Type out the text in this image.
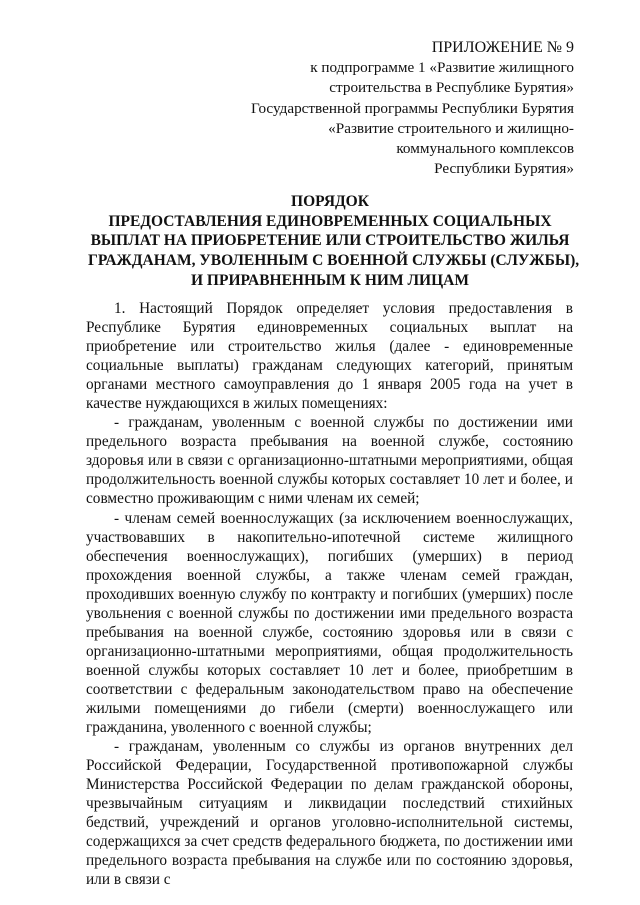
ПРИЛОЖЕНИЕ № 9
к подпрограмме 1 «Развитие жилищного
строительства в Республике Бурятия»
Государственной программы Республики Бурятия
«Развитие строительного и жилищно-
коммунального комплексов
Республики Бурятия»
ПОРЯДОК
ПРЕДОСТАВЛЕНИЯ ЕДИНОВРЕМЕННЫХ СОЦИАЛЬНЫХ
ВЫПЛАТ НА ПРИОБРЕТЕНИЕ ИЛИ СТРОИТЕЛЬСТВО ЖИЛЬЯ
ГРАЖДАНАМ, УВОЛЕННЫМ С ВОЕННОЙ СЛУЖБЫ (СЛУЖБЫ),
И ПРИРАВНЕННЫМ К НИМ ЛИЦАМ

1. Настоящий Порядок определяет условия предоставления в Республике Бурятия единовременных социальных выплат на приобретение или строительство жилья (далее - единовременные социальные выплаты) гражданам следующих категорий, принятым органами местного самоуправления до 1 января 2005 года на учет в качестве нуждающихся в жилых помещениях:

- гражданам, уволенным с военной службы по достижении ими предельного возраста пребывания на военной службе, состоянию здоровья или в связи с организационно-штатными мероприятиями, общая продолжительность военной службы которых составляет 10 лет и более, и совместно проживающим с ними членам их семей;

- членам семей военнослужащих (за исключением военнослужащих, участвовавших в накопительно-ипотечной системе жилищного обеспечения военнослужащих), погибших (умерших) в период прохождения военной службы, а также членам семей граждан, проходивших военную службу по контракту и погибших (умерших) после увольнения с военной службы по достижении ими предельного возраста пребывания на военной службе, состоянию здоровья или в связи с организационно-штатными мероприятиями, общая продолжительность военной службы которых составляет 10 лет и более, приобретшим в соответствии с федеральным законодательством право на обеспечение жилыми помещениями до гибели (смерти) военнослужащего или гражданина, уволенного с военной службы;

- гражданам, уволенным со службы из органов внутренних дел Российской Федерации, Государственной противопожарной службы Министерства Российской Федерации по делам гражданской обороны, чрезвычайным ситуациям и ликвидации последствий стихийных бедствий, учреждений и органов уголовно-исполнительной системы, содержащихся за счет средств федерального бюджета, по достижении ими предельного возраста пребывания на службе или по состоянию здоровья, или в связи с
